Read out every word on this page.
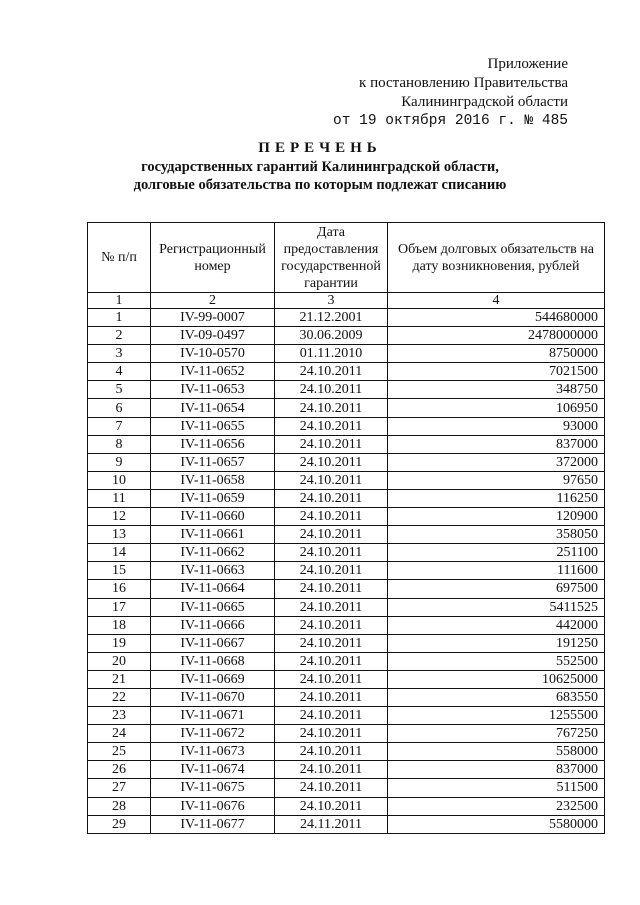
Приложение
к постановлению Правительства
Калининградской области
от 19 октября 2016 г. № 485
ПЕРЕЧЕНЬ
государственных гарантий Калининградской области,
долговые обязательства по которым подлежат списанию
№ п/п	Регистрационный номер	Дата предоставления государственной гарантии	Объем долговых обязательств на дату возникновения, рублей
1	2	3	4
1	IV-99-0007	21.12.2001	544680000
2	IV-09-0497	30.06.2009	2478000000
3	IV-10-0570	01.11.2010	8750000
4	IV-11-0652	24.10.2011	7021500
5	IV-11-0653	24.10.2011	348750
6	IV-11-0654	24.10.2011	106950
7	IV-11-0655	24.10.2011	93000
8	IV-11-0656	24.10.2011	837000
9	IV-11-0657	24.10.2011	372000
10	IV-11-0658	24.10.2011	97650
11	IV-11-0659	24.10.2011	116250
12	IV-11-0660	24.10.2011	120900
13	IV-11-0661	24.10.2011	358050
14	IV-11-0662	24.10.2011	251100
15	IV-11-0663	24.10.2011	111600
16	IV-11-0664	24.10.2011	697500
17	IV-11-0665	24.10.2011	5411525
18	IV-11-0666	24.10.2011	442000
19	IV-11-0667	24.10.2011	191250
20	IV-11-0668	24.10.2011	552500
21	IV-11-0669	24.10.2011	10625000
22	IV-11-0670	24.10.2011	683550
23	IV-11-0671	24.10.2011	1255500
24	IV-11-0672	24.10.2011	767250
25	IV-11-0673	24.10.2011	558000
26	IV-11-0674	24.10.2011	837000
27	IV-11-0675	24.10.2011	511500
28	IV-11-0676	24.10.2011	232500
29	IV-11-0677	24.11.2011	5580000
